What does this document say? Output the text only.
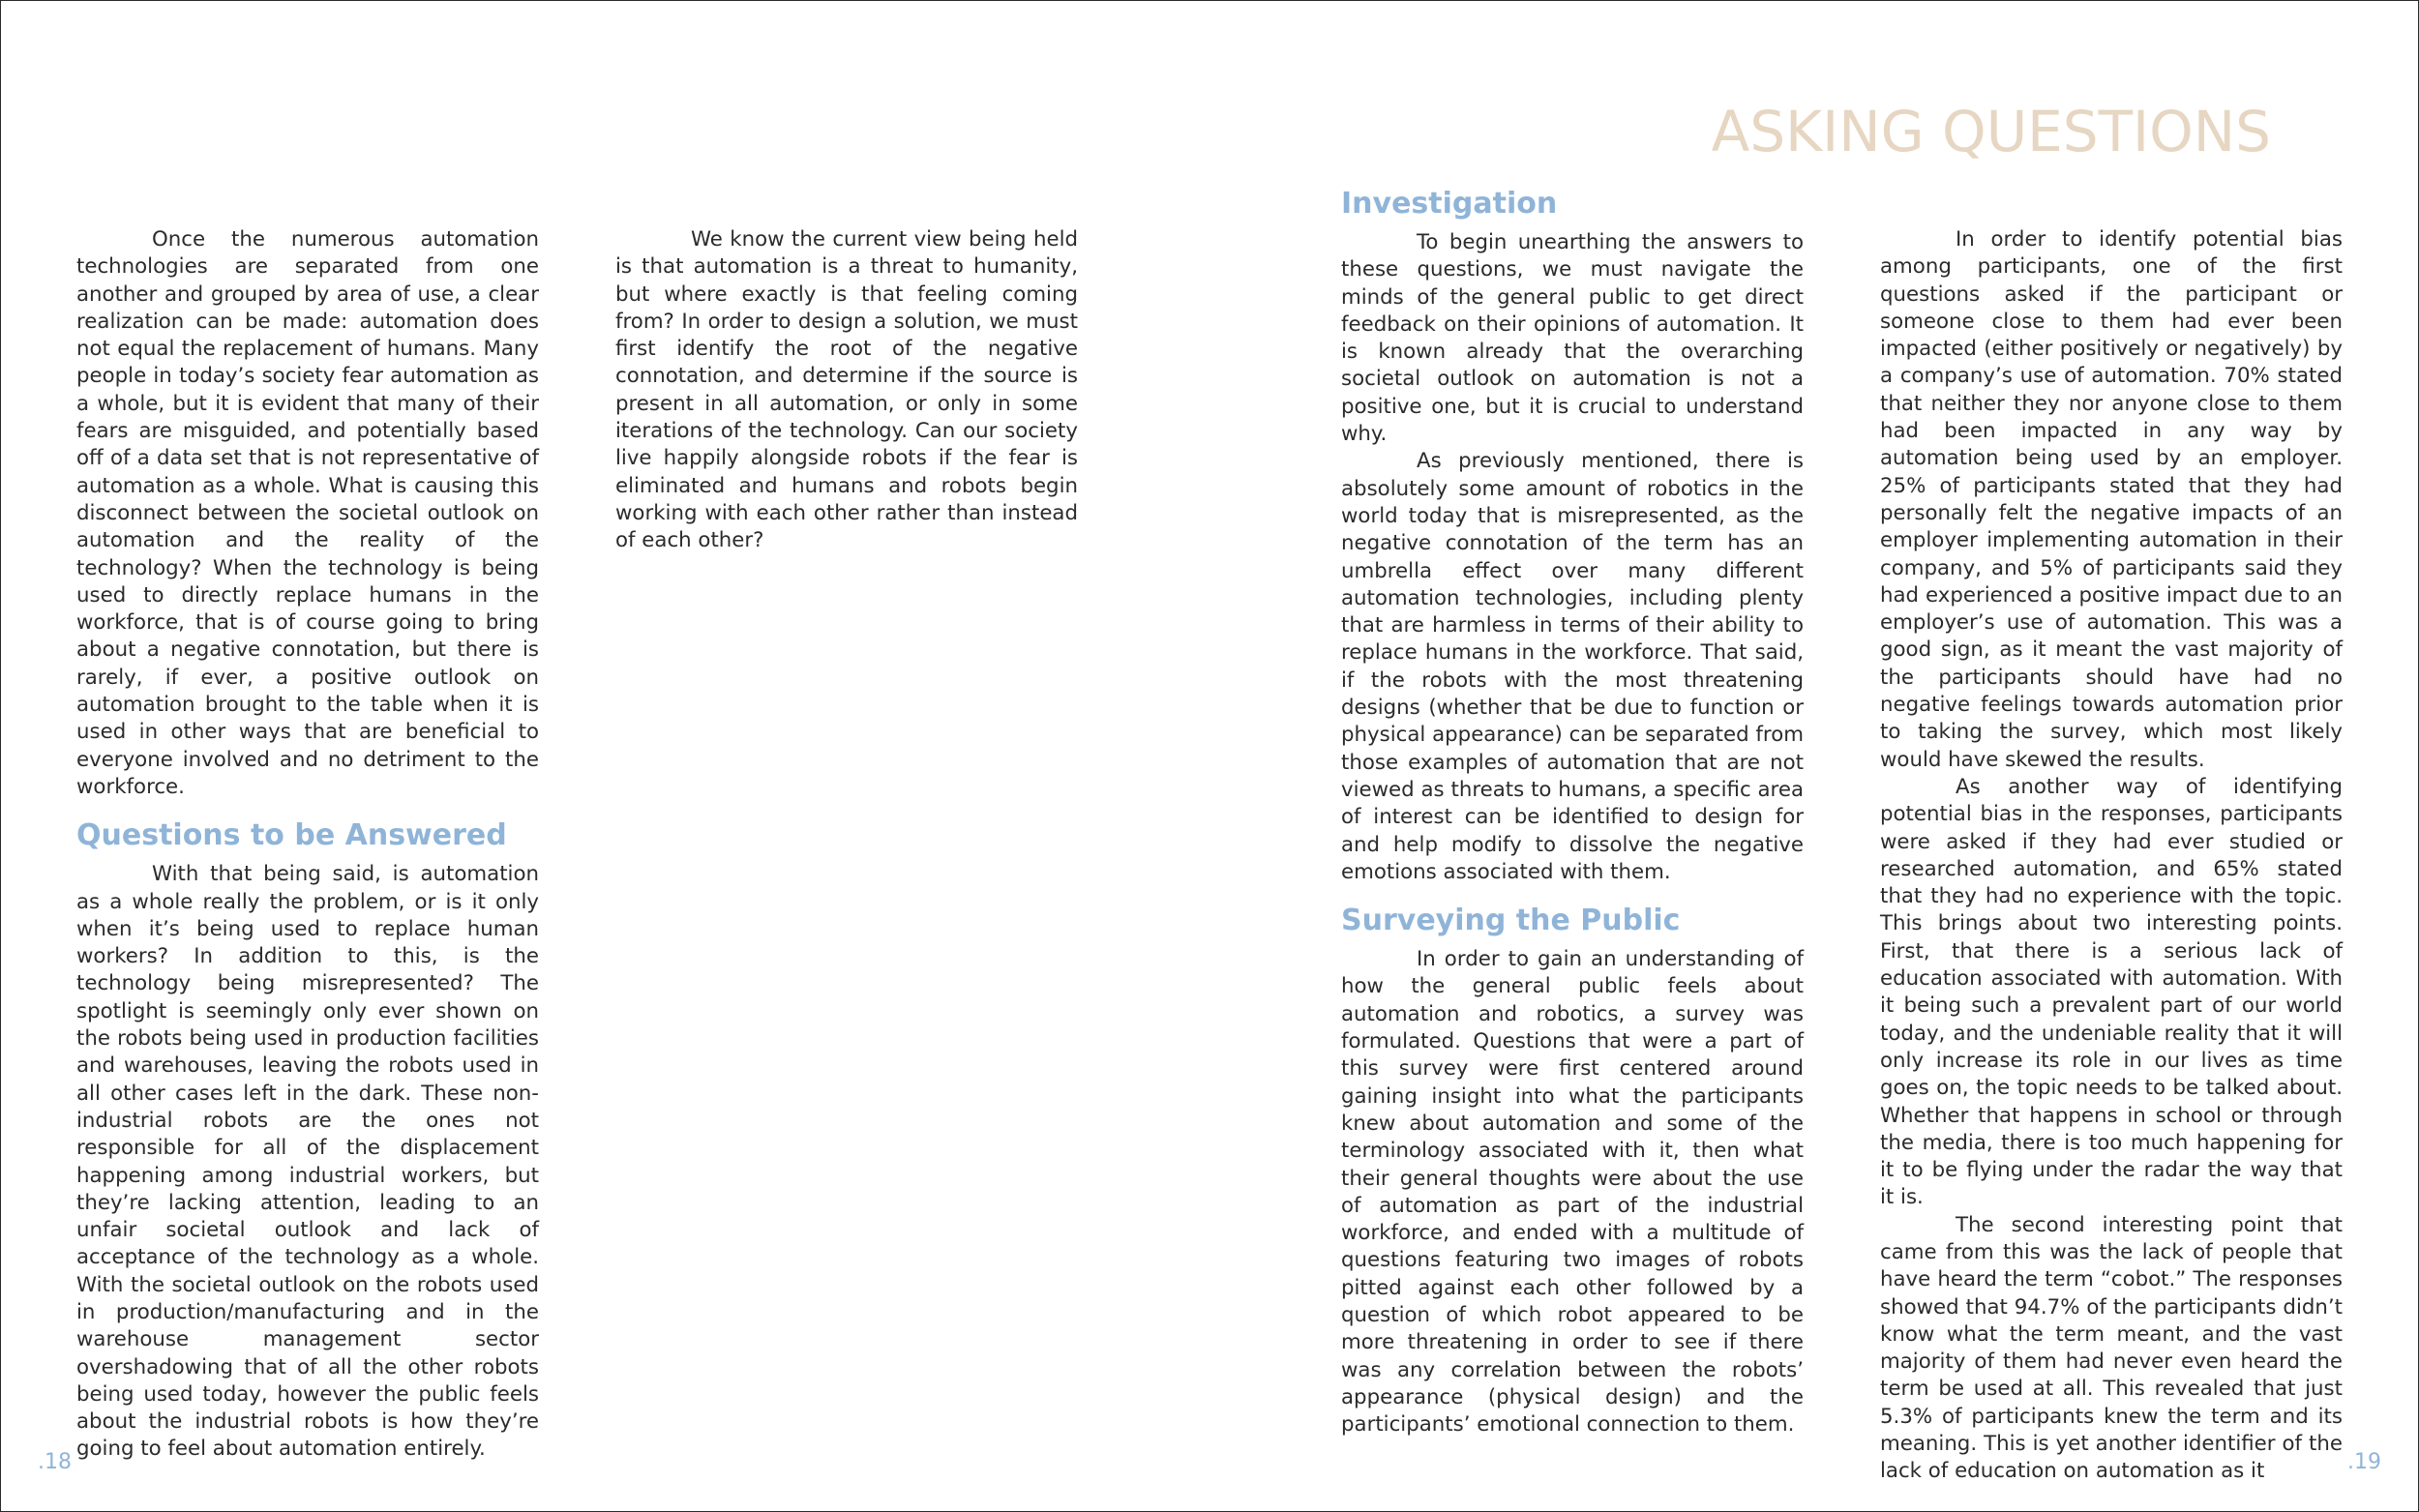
Once the numerous automation technologies are separated from one another and grouped by area of use, a clear realization can be made: automation does not equal the replacement of humans. Many people in today’s society fear automation as a whole, but it is evident that many of their fears are misguided, and potentially based off of a data set that is not representative of automation as a whole. What is causing this disconnect between the societal outlook on automation and the reality of the technology? When the technology is being used to directly replace humans in the workforce, that is of course going to bring about a negative connotation, but there is rarely, if ever, a positive outlook on automation brought to the table when it is used in other ways that are beneficial to everyone involved and no detriment to the workforce.

Questions to be Answered

With that being said, is automation as a whole really the problem, or is it only when it’s being used to replace human workers? In addition to this, is the technology being misrepresented? The spotlight is seemingly only ever shown on the robots being used in production facilities and warehouses, leaving the robots used in all other cases left in the dark. These non-industrial robots are the ones not responsible for all of the displacement happening among industrial workers, but they’re lacking attention, leading to an unfair societal outlook and lack of acceptance of the technology as a whole. With the societal outlook on the robots used in production/manufacturing and in the warehouse management sector overshadowing that of all the other robots being used today, however the public feels about the industrial robots is how they’re going to feel about automation entirely.

We know the current view being held is that automation is a threat to humanity, but where exactly is that feeling coming from? In order to design a solution, we must first identify the root of the negative connotation, and determine if the source is present in all automation, or only in some iterations of the technology. Can our society live happily alongside robots if the fear is eliminated and humans and robots begin working with each other rather than instead of each other?

ASKING QUESTIONS
Investigation

To begin unearthing the answers to these questions, we must navigate the minds of the general public to get direct feedback on their opinions of automation. It is known already that the overarching societal outlook on automation is not a positive one, but it is crucial to understand why.

As previously mentioned, there is absolutely some amount of robotics in the world today that is misrepresented, as the negative connotation of the term has an umbrella effect over many different automation technologies, including plenty that are harmless in terms of their ability to replace humans in the workforce. That said, if the robots with the most threatening designs (whether that be due to function or physical appearance) can be separated from those examples of automation that are not viewed as threats to humans, a specific area of interest can be identified to design for and help modify to dissolve the negative emotions associated with them.

Surveying the Public

In order to gain an understanding of how the general public feels about automation and robotics, a survey was formulated. Questions that were a part of this survey were first centered around gaining insight into what the participants knew about automation and some of the terminology associated with it, then what their general thoughts were about the use of automation as part of the industrial workforce, and ended with a multitude of questions featuring two images of robots pitted against each other followed by a question of which robot appeared to be more threatening in order to see if there was any correlation between the robots’ appearance (physical design) and the participants’ emotional connection to them.

In order to identify potential bias among participants, one of the first questions asked if the participant or someone close to them had ever been impacted (either positively or negatively) by a company’s use of automation. 70% stated that neither they nor anyone close to them had been impacted in any way by automation being used by an employer. 25% of participants stated that they had personally felt the negative impacts of an employer implementing automation in their company, and 5% of participants said they had experienced a positive impact due to an employer’s use of automation. This was a good sign, as it meant the vast majority of the participants should have had no negative feelings towards automation prior to taking the survey, which most likely would have skewed the results.

As another way of identifying potential bias in the responses, participants were asked if they had ever studied or researched automation, and 65% stated that they had no experience with the topic. This brings about two interesting points. First, that there is a serious lack of education associated with automation. With it being such a prevalent part of our world today, and the undeniable reality that it will only increase its role in our lives as time goes on, the topic needs to be talked about. Whether that happens in school or through the media, there is too much happening for it to be flying under the radar the way that it is.

The second interesting point that came from this was the lack of people that have heard the term “cobot.” The responses showed that 94.7% of the participants didn’t know what the term meant, and the vast majority of them had never even heard the term be used at all. This revealed that just 5.3% of participants knew the term and its meaning. This is yet another identifier of the lack of education on automation as it

.18	.19
